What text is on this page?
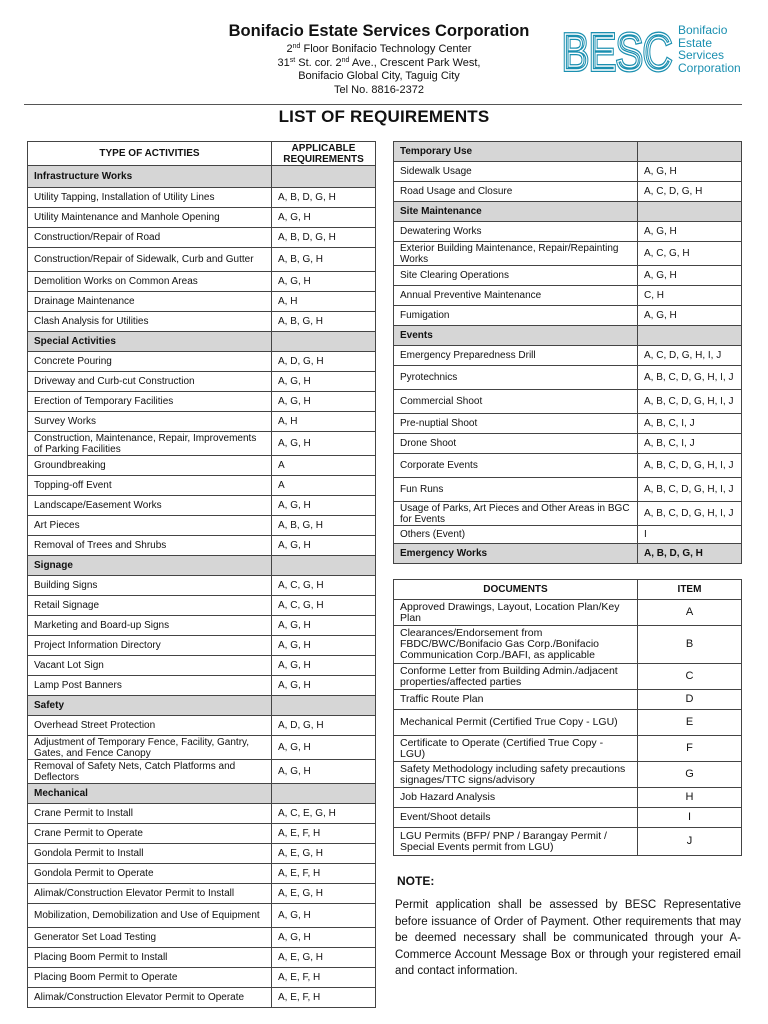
Bonifacio Estate Services Corporation
2nd Floor Bonifacio Technology Center
31st St. cor. 2nd Ave., Crescent Park West,
Bonifacio Global City, Taguig City
Tel No. 8816-2372
BESC
BESC Bonifacio
Estate
Services
Corporation
LIST OF REQUIREMENTS
TYPE OF ACTIVITIES	APPLICABLE
REQUIREMENTS
Infrastructure Works	
Utility Tapping, Installation of Utility Lines	A, B, D, G, H
Utility Maintenance and Manhole Opening	A, G, H
Construction/Repair of Road	A, B, D, G, H
Construction/Repair of Sidewalk, Curb and Gutter	A, B, G, H
Demolition Works on Common Areas	A, G, H
Drainage Maintenance	A, H
Clash Analysis for Utilities	A, B, G, H
Special Activities	
Concrete Pouring	A, D, G, H
Driveway and Curb-cut Construction	A, G, H
Erection of Temporary Facilities	A, G, H
Survey Works	A, H
Construction, Maintenance, Repair, Improvements of Parking Facilities	A, G, H
Groundbreaking	A
Topping-off Event	A
Landscape/Easement Works	A, G, H
Art Pieces	A, B, G, H
Removal of Trees and Shrubs	A, G, H
Signage	
Building Signs	A, C, G, H
Retail Signage	A, C, G, H
Marketing and Board-up Signs	A, G, H
Project Information Directory	A, G, H
Vacant Lot Sign	A, G, H
Lamp Post Banners	A, G, H
Safety	
Overhead Street Protection	A, D, G, H
Adjustment of Temporary Fence, Facility, Gantry, Gates, and Fence Canopy	A, G, H
Removal of Safety Nets, Catch Platforms and Deflectors	A, G, H
Mechanical	
Crane Permit to Install	A, C, E, G, H
Crane Permit to Operate	A, E, F, H
Gondola Permit to Install	A, E, G, H
Gondola Permit to Operate	A, E, F, H
Alimak/Construction Elevator Permit to Install	A, E, G, H
Mobilization, Demobilization and Use of Equipment	A, G, H
Generator Set Load Testing	A, G, H
Placing Boom Permit to Install	A, E, G, H
Placing Boom Permit to Operate	A, E, F, H
Alimak/Construction Elevator Permit to Operate	A, E, F, H
Temporary Use	
Sidewalk Usage	A, G, H
Road Usage and Closure	A, C, D, G, H
Site Maintenance	
Dewatering Works	A, G, H
Exterior Building Maintenance, Repair/Repainting Works	A, C, G, H
Site Clearing Operations	A, G, H
Annual Preventive Maintenance	C, H
Fumigation	A, G, H
Events	
Emergency Preparedness Drill	A, C, D, G, H, I, J
Pyrotechnics	A, B, C, D, G, H, I, J
Commercial Shoot	A, B, C, D, G, H, I, J
Pre-nuptial Shoot	A, B, C, I, J
Drone Shoot	A, B, C, I, J
Corporate Events	A, B, C, D, G, H, I, J
Fun Runs	A, B, C, D, G, H, I, J
Usage of Parks, Art Pieces and Other Areas in BGC for Events	A, B, C, D, G, H, I, J
Others (Event)	I
Emergency Works	A, B, D, G, H
DOCUMENTS	ITEM
Approved Drawings, Layout, Location Plan/Key Plan	A
Clearances/Endorsement from FBDC/BWC/Bonifacio Gas Corp./Bonifacio Communication Corp./BAFI, as applicable	B
Conforme Letter from Building Admin./adjacent properties/affected parties	C
Traffic Route Plan	D
Mechanical Permit (Certified True Copy - LGU)	E
Certificate to Operate (Certified True Copy - LGU)	F
Safety Methodology including safety precautions signages/TTC signs/advisory	G
Job Hazard Analysis	H
Event/Shoot details	I
LGU Permits (BFP/ PNP / Barangay Permit / Special Events permit from LGU)	J
NOTE:
Permit application shall be assessed by BESC Representative before issuance of Order of Payment. Other requirements that may be deemed necessary shall be communicated through your A-Commerce Account Message Box or through your registered email and contact information.
